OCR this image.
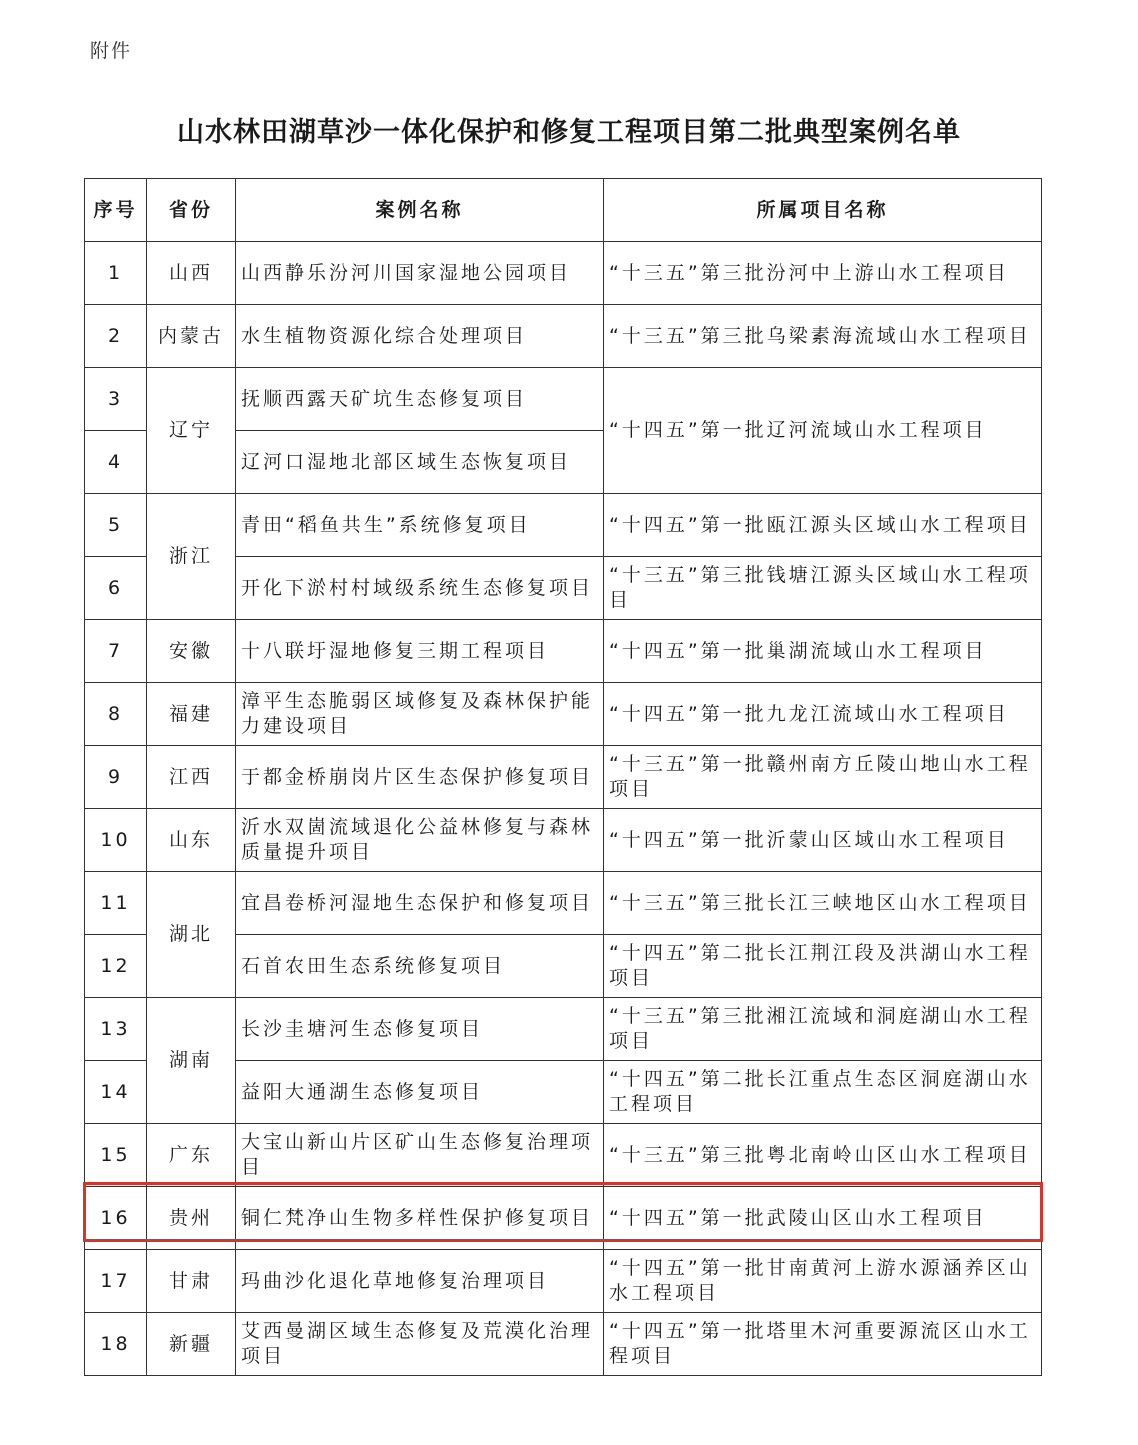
附件
山水林田湖草沙一体化保护和修复工程项目第二批典型案例名单
序号	省份	案例名称	所属项目名称
1	山西	山西静乐汾河川国家湿地公园项目	“十三五”第三批汾河中上游山水工程项目
2	内蒙古	水生植物资源化综合处理项目	“十三五”第三批乌梁素海流域山水工程项目
3	辽宁	抚顺西露天矿坑生态修复项目	“十四五”第一批辽河流域山水工程项目
4		辽河口湿地北部区域生态恢复项目	
5	浙江	青田“稻鱼共生”系统修复项目	“十四五”第一批瓯江源头区域山水工程项目
6		开化下淤村村域级系统生态修复项目	“十三五”第三批钱塘江源头区域山水工程项目
7	安徽	十八联圩湿地修复三期工程项目	“十四五”第一批巢湖流域山水工程项目
8	福建	漳平生态脆弱区域修复及森林保护能力建设项目	“十四五”第一批九龙江流域山水工程项目
9	江西	于都金桥崩岗片区生态保护修复项目	“十三五”第一批赣州南方丘陵山地山水工程项目
10	山东	沂水双崮流域退化公益林修复与森林质量提升项目	“十四五”第一批沂蒙山区域山水工程项目
11	湖北	宜昌卷桥河湿地生态保护和修复项目	“十三五”第三批长江三峡地区山水工程项目
12		石首农田生态系统修复项目	“十四五”第二批长江荆江段及洪湖山水工程项目
13	湖南	长沙圭塘河生态修复项目	“十三五”第三批湘江流域和洞庭湖山水工程项目
14		益阳大通湖生态修复项目	“十四五”第二批长江重点生态区洞庭湖山水工程项目
15	广东	大宝山新山片区矿山生态修复治理项目	“十三五”第三批粤北南岭山区山水工程项目
16	贵州	铜仁梵净山生物多样性保护修复项目	“十四五”第一批武陵山区山水工程项目
17	甘肃	玛曲沙化退化草地修复治理项目	“十四五”第一批甘南黄河上游水源涵养区山水工程项目
18	新疆	艾西曼湖区域生态修复及荒漠化治理项目	“十四五”第一批塔里木河重要源流区山水工程项目
